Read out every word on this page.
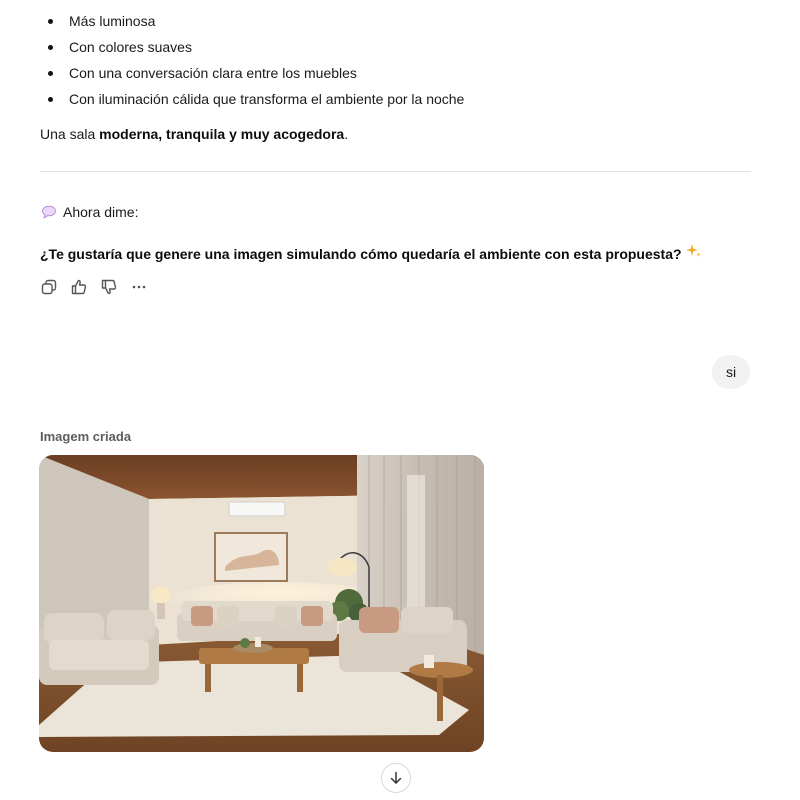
Más luminosa
Con colores suaves
Con una conversación clara entre los muebles
Con iluminación cálida que transforma el ambiente por la noche

Una sala moderna, tranquila y muy acogedora.

Ahora dime:
¿Te gustaría que genere una imagen simulando cómo quedaría el ambiente con esta propuesta?
si
Imagem criada
